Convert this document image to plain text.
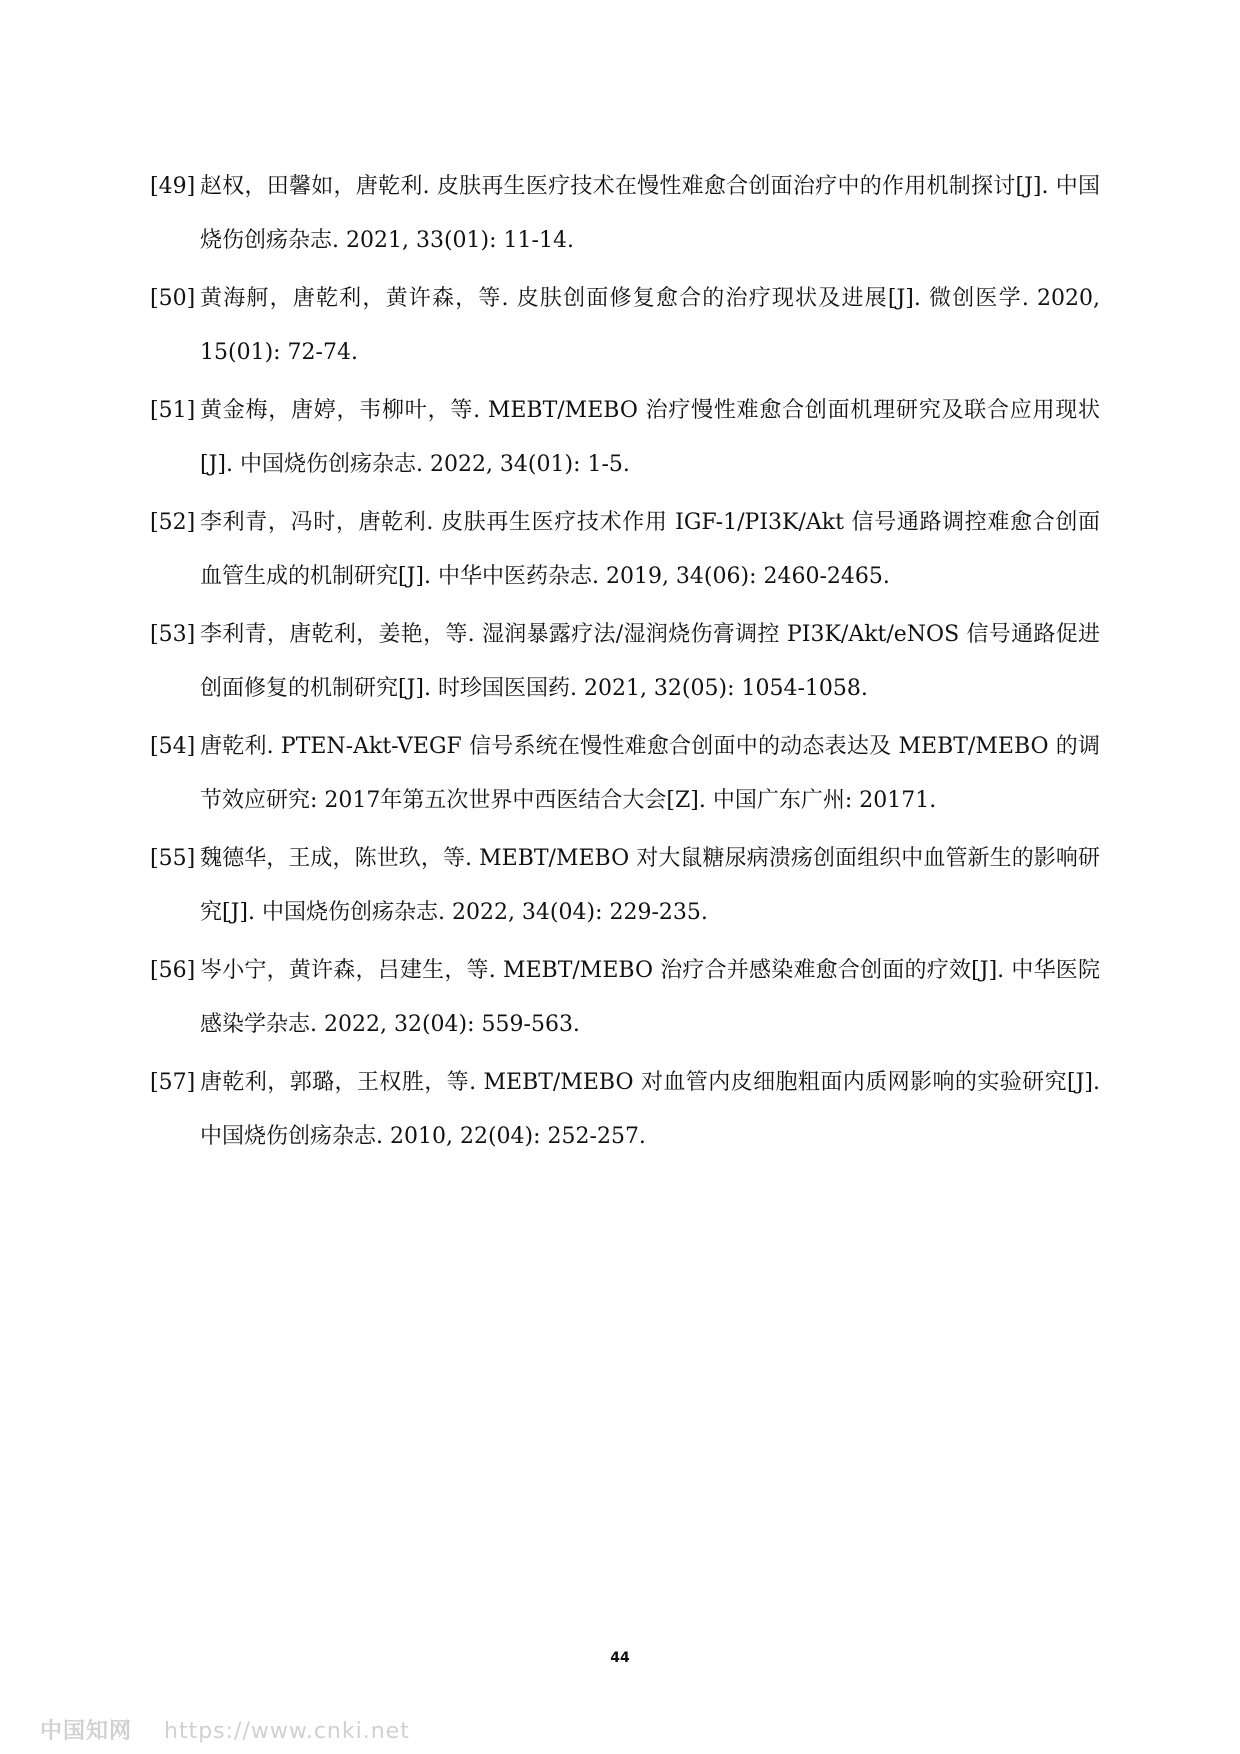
[49] 赵权，田馨如，唐乾利. 皮肤再生医疗技术在慢性难愈合创面治疗中的作用机制探讨[J]. 中国烧伤创疡杂志. 2021, 33(01): 11-14.
[50] 黄海舸，唐乾利，黄许森，等. 皮肤创面修复愈合的治疗现状及进展[J]. 微创医学. 2020, 15(01): 72-74.
[51] 黄金梅，唐婷，韦柳叶，等. MEBT/MEBO 治疗慢性难愈合创面机理研究及联合应用现状[J]. 中国烧伤创疡杂志. 2022, 34(01): 1-5.
[52] 李利青，冯时，唐乾利. 皮肤再生医疗技术作用 IGF-1/PI3K/Akt 信号通路调控难愈合创面血管生成的机制研究[J]. 中华中医药杂志. 2019, 34(06): 2460-2465.
[53] 李利青，唐乾利，姜艳，等. 湿润暴露疗法/湿润烧伤膏调控 PI3K/Akt/eNOS 信号通路促进创面修复的机制研究[J]. 时珍国医国药. 2021, 32(05): 1054-1058.
[54] 唐乾利. PTEN-Akt-VEGF 信号系统在慢性难愈合创面中的动态表达及 MEBT/MEBO 的调节效应研究: 2017年第五次世界中西医结合大会[Z]. 中国广东广州: 20171.
[55] 魏德华，王成，陈世玖，等. MEBT/MEBO 对大鼠糖尿病溃疡创面组织中血管新生的影响研究[J]. 中国烧伤创疡杂志. 2022, 34(04): 229-235.
[56] 岑小宁，黄许森，吕建生，等. MEBT/MEBO 治疗合并感染难愈合创面的疗效[J]. 中华医院感染学杂志. 2022, 32(04): 559-563.
[57] 唐乾利，郭璐，王权胜，等. MEBT/MEBO 对血管内皮细胞粗面内质网影响的实验研究[J]. 中国烧伤创疡杂志. 2010, 22(04): 252-257.
44
中国知网 https://www.cnki.net
